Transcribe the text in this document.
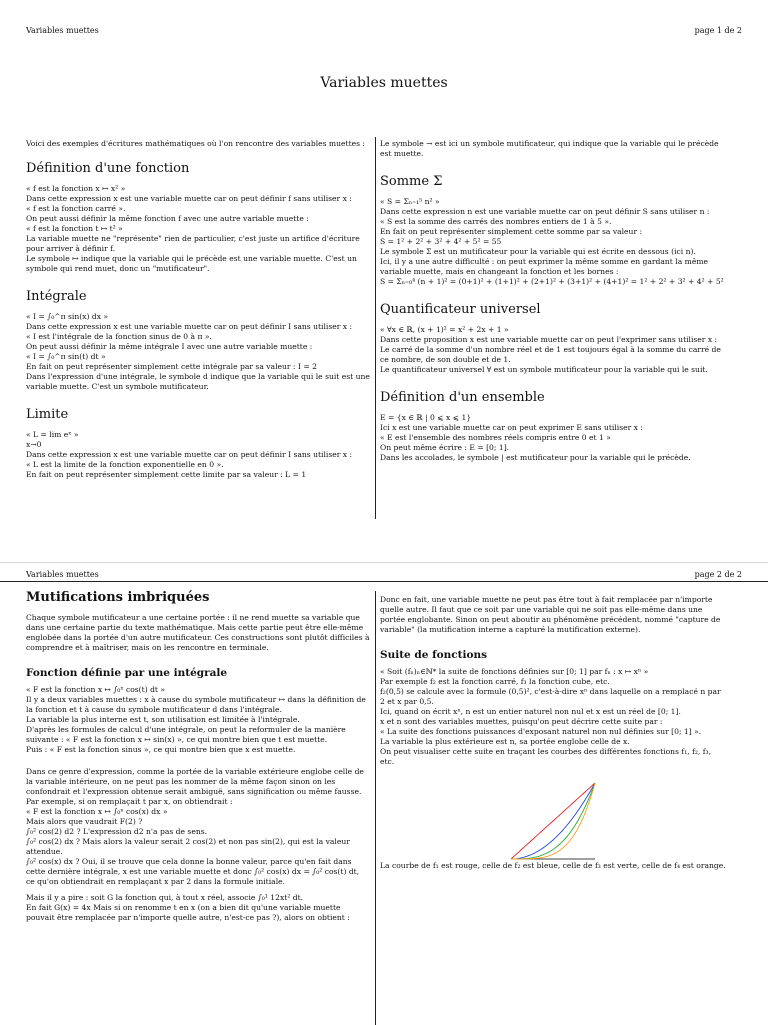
Variables muettes	page 1 de 2
Variables muettes

Voici des exemples d'écritures mathématiques où l'on rencontre des variables muettes :

Définition d'une fonction

« f est la fonction x ↦ x² »

Dans cette expression x est une variable muette car on peut définir f sans utiliser x :

« f est la fonction carré ».

On peut aussi définir la même fonction f avec une autre variable muette :

« f est la fonction t ↦ t² »

La variable muette ne "représente" rien de particulier, c'est juste un artifice d'écriture pour arriver à définir f.

Le symbole ↦ indique que la variable qui le précède est une variable muette. C'est un symbole qui rend muet, donc un "mutificateur".

Intégrale

« I = ∫₀^π sin(x) dx »

Dans cette expression x est une variable muette car on peut définir I sans utiliser x :

« I est l'intégrale de la fonction sinus de 0 à π ».

On peut aussi définir la même intégrale I avec une autre variable muette :

« I = ∫₀^π sin(t) dt »

En fait on peut représenter simplement cette intégrale par sa valeur : I = 2

Dans l'expression d'une intégrale, le symbole d indique que la variable qui le suit est une variable muette. C'est un symbole mutificateur.

Limite

« L = lim eˣ »

x→0

Dans cette expression x est une variable muette car on peut définir I sans utiliser x :

« L est la limite de la fonction exponentielle en 0 ».

En fait on peut représenter simplement cette limite par sa valeur : L = 1

Le symbole → est ici un symbole mutificateur, qui indique que la variable qui le précède est muette.

Somme Σ

« S = Σₙ₌₁⁵ n² »

Dans cette expression n est une variable muette car on peut définir S sans utiliser n :

« S est la somme des carrés des nombres entiers de 1 à 5 ».

En fait on peut représenter simplement cette somme par sa valeur :

S = 1² + 2² + 3² + 4² + 5² = 55

Le symbole Σ est un mutificateur pour la variable qui est écrite en dessous (ici n).

Ici, il y a une autre difficulté : on peut exprimer la même somme en gardant la même variable muette, mais en changeant la fonction et les bornes :

S = Σₙ₌₀⁴ (n + 1)² = (0+1)² + (1+1)² + (2+1)² + (3+1)² + (4+1)² = 1² + 2² + 3² + 4² + 5²

Quantificateur universel

« ∀x ∈ ℝ, (x + 1)² = x² + 2x + 1 »

Dans cette proposition x est une variable muette car on peut l'exprimer sans utiliser x :

Le carré de la somme d'un nombre réel et de 1 est toujours égal à la somme du carré de ce nombre, de son double et de 1.

Le quantificateur universel ∀ est un symbole mutificateur pour la variable qui le suit.

Définition d'un ensemble

E = {x ∈ ℝ | 0 ⩽ x ⩽ 1}

Ici x est une variable muette car on peut exprimer E sans utiliser x :

« E est l'ensemble des nombres réels compris entre 0 et 1 »

On peut même écrire : E = [0; 1].

Dans les accolades, le symbole | est mutificateur pour la variable qui le précède.

Variables muettes	page 2 de 2
Mutifications imbriquées

Chaque symbole mutificateur a une certaine portée : il ne rend muette sa variable que dans une certaine partie du texte mathématique. Mais cette partie peut être elle-même englobée dans la portée d'un autre mutificateur. Ces constructions sont plutôt difficiles à comprendre et à maîtriser, mais on les rencontre en terminale.

Fonction définie par une intégrale

« F est la fonction x ↦ ∫₀ˣ cos(t) dt »

Il y a deux variables muettes : x à cause du symbole mutificateur ↦ dans la définition de la fonction et t à cause du symbole mutificateur d dans l'intégrale.

La variable la plus interne est t, son utilisation est limitée à l'intégrale.

D'après les formules de calcul d'une intégrale, on peut la reformuler de la manière suivante : « F est la fonction x ↦ sin(x) », ce qui montre bien que t est muette.

Puis : « F est la fonction sinus », ce qui montre bien que x est muette.

Dans ce genre d'expression, comme la portée de la variable extérieure englobe celle de la variable intérieure, on ne peut pas les nommer de la même façon sinon on les confondrait et l'expression obtenue serait ambiguë, sans signification ou même fausse.

Par exemple, si on remplaçait t par x, on obtiendrait :

« F est la fonction x ↦ ∫₀ˣ cos(x) dx »

Mais alors que vaudrait F(2) ?

∫₀² cos(2) d2 ? L'expression d2 n'a pas de sens.

∫₀² cos(2) dx ? Mais alors la valeur serait 2 cos(2) et non pas sin(2), qui est la valeur attendue.

∫₀² cos(x) dx ? Oui, il se trouve que cela donne la bonne valeur, parce qu'en fait dans cette dernière intégrale, x est une variable muette et donc ∫₀² cos(x) dx = ∫₀² cos(t) dt, ce qu'on obtiendrait en remplaçant x par 2 dans la formule initiale.

Mais il y a pire : soit G la fonction qui, à tout x réel, associe ∫₀¹ 12xt² dt.

En fait G(x) = 4x Mais si on renomme t en x (on a bien dit qu'une variable muette pouvait être remplacée par n'importe quelle autre, n'est-ce pas ?), alors on obtient :

Donc en fait, une variable muette ne peut pas être tout à fait remplacée par n'importe quelle autre. Il faut que ce soit par une variable qui ne soit pas elle-même dans une portée englobante. Sinon on peut aboutir au phénomène précédent, nommé "capture de variable" (la mutification interne a capturé la mutification externe).

Suite de fonctions

« Soit (fₙ)ₙ∈ℕ* la suite de fonctions définies sur [0; 1] par fₙ : x ↦ xⁿ »

Par exemple f₂ est la fonction carré, f₃ la fonction cube, etc.

f₂(0,5) se calcule avec la formule (0,5)², c'est-à-dire xⁿ dans laquelle on a remplacé n par 2 et x par 0,5.

Ici, quand on écrit xⁿ, n est un entier naturel non nul et x est un réel de [0; 1].

x et n sont des variables muettes, puisqu'on peut décrire cette suite par :

« La suite des fonctions puissances d'exposant naturel non nul définies sur [0; 1] ».

La variable la plus extérieure est n, sa portée englobe celle de x.

On peut visualiser cette suite en traçant les courbes des différentes fonctions f₁, f₂, f₃, etc.

La courbe de f₁ est rouge, celle de f₂ est bleue, celle de f₃ est verte, celle de f₄ est orange.
